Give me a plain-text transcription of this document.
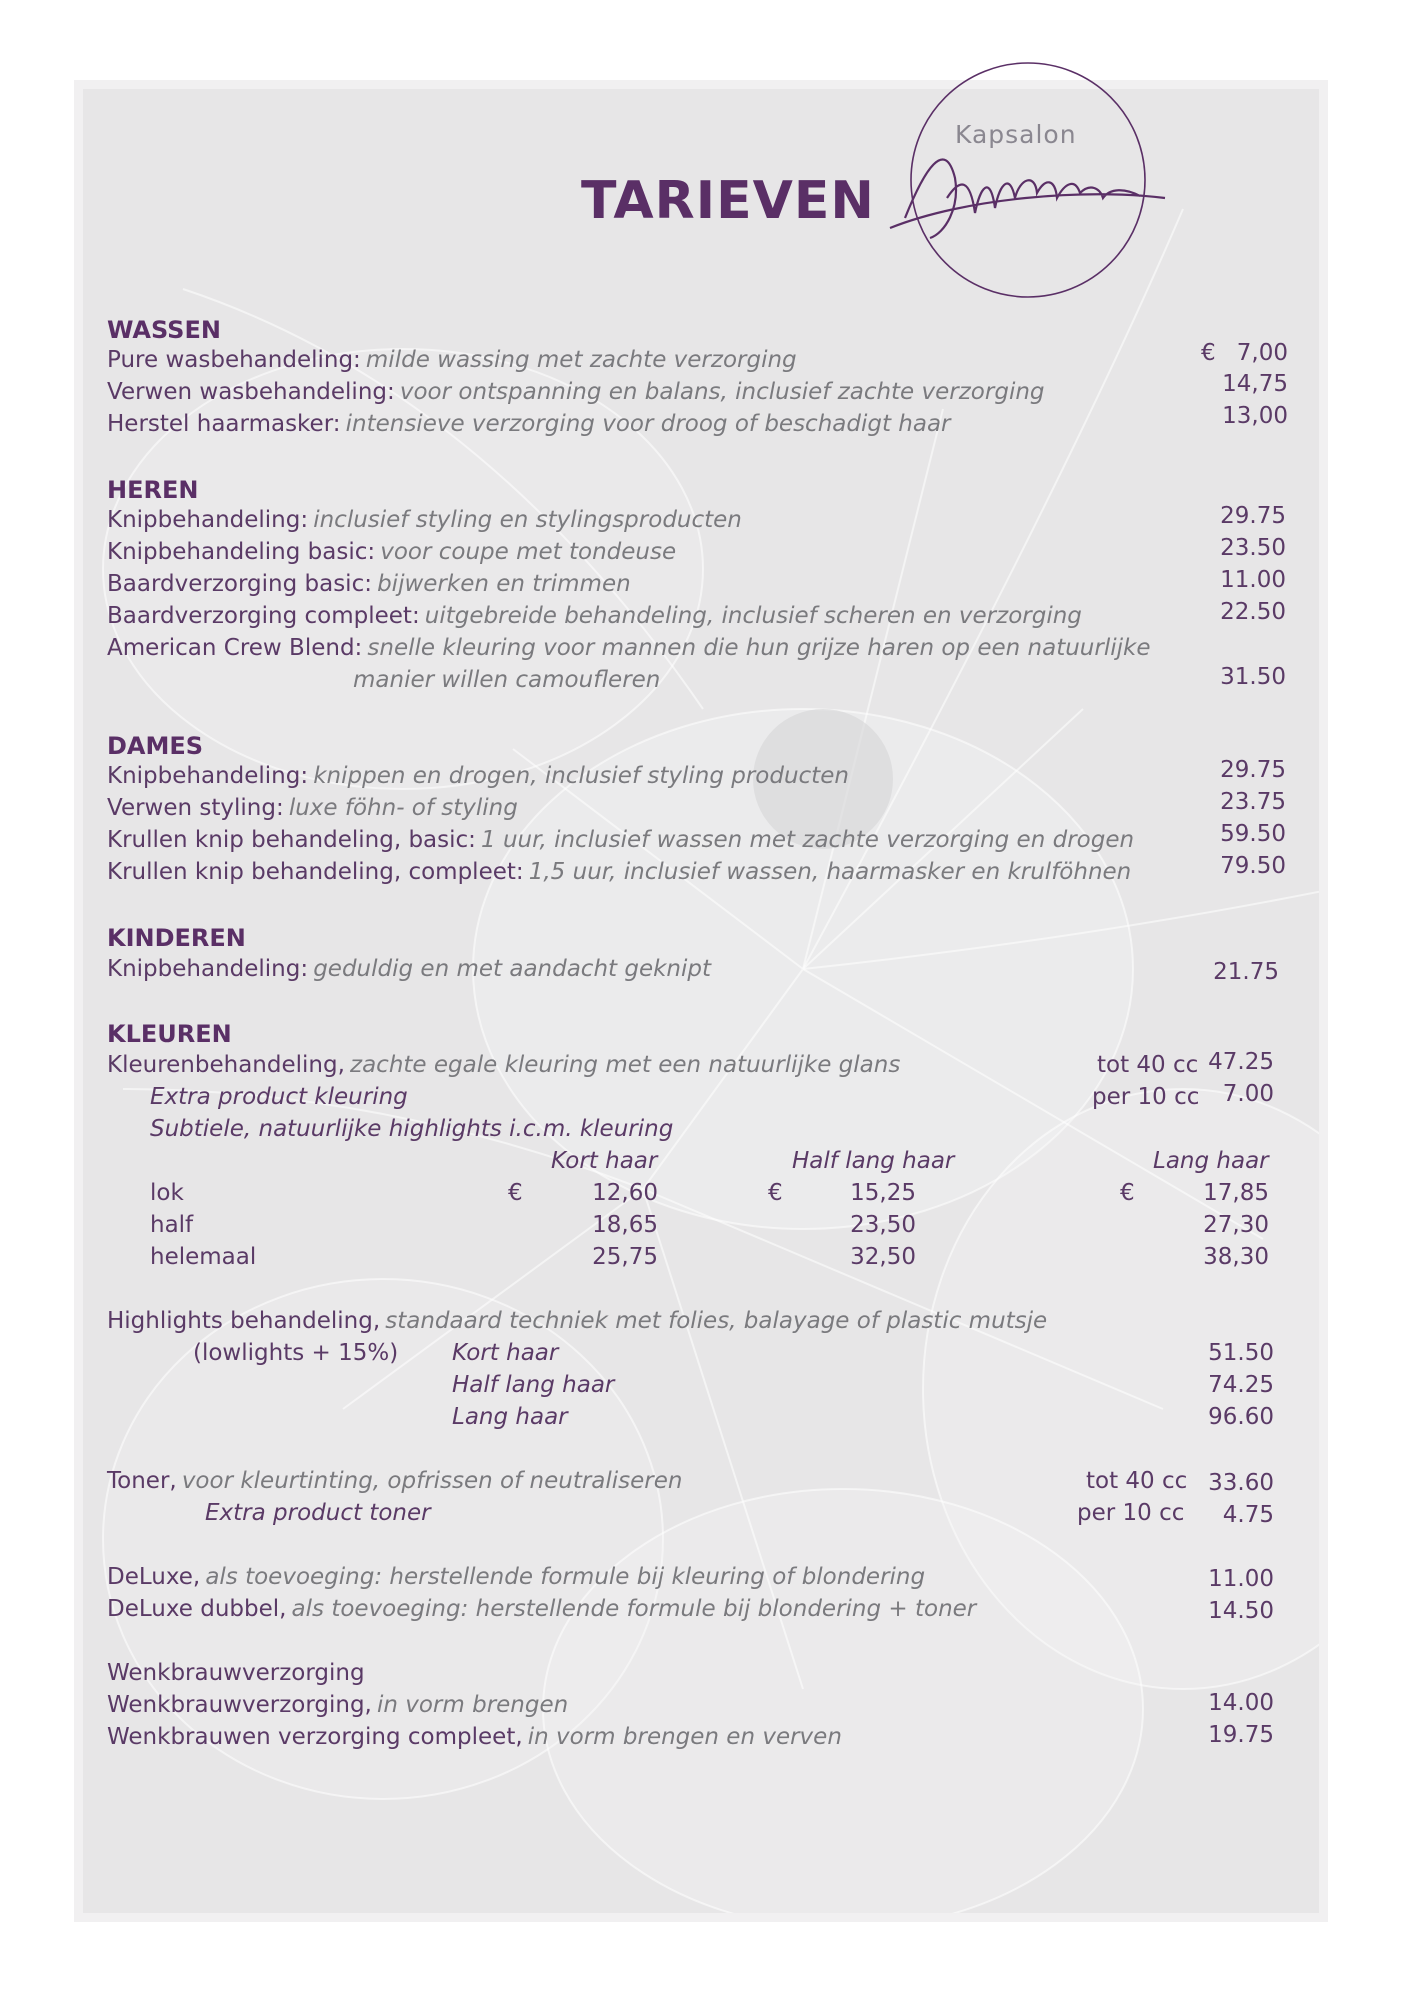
TARIEVEN
Kapsalon
WASSEN
Pure wasbehandeling: milde wassing met zachte verzorging	€ 7,00
Verwen wasbehandeling: voor ontspanning en balans, inclusief zachte verzorging	14,75
Herstel haarmasker: intensieve verzorging voor droog of beschadigt haar	13,00
HEREN
Knipbehandeling: inclusief styling en stylingsproducten	29.75
Knipbehandeling basic: voor coupe met tondeuse	23.50
Baardverzorging basic: bijwerken en trimmen	11.00
Baardverzorging compleet: uitgebreide behandeling, inclusief scheren en verzorging	22.50
American Crew Blend: snelle kleuring voor mannen die hun grijze haren op een natuurlijke
manier willen camoufleren	31.50
DAMES
Knipbehandeling: knippen en drogen, inclusief styling producten	29.75
Verwen styling: luxe föhn- of styling	23.75
Krullen knip behandeling, basic: 1 uur, inclusief wassen met zachte verzorging en drogen	59.50
Krullen knip behandeling, compleet: 1,5 uur, inclusief wassen, haarmasker en krulföhnen	79.50
KINDEREN
Knipbehandeling: geduldig en met aandacht geknipt	21.75
KLEUREN
Kleurenbehandeling, zachte egale kleuring met een natuurlijke glans	tot 40 cc 47.25
Extra product kleuring	per 10 cc 7.00
Subtiele, natuurlijke highlights i.c.m. kleuring
Kort haar	Half lang haar	Lang haar
lok	€	12,60	€	15,25	€	17,85
half	18,65	23,50	27,30
helemaal	25,75	32,50	38,30
Highlights behandeling, standaard techniek met folies, balayage of plastic mutsje
(lowlights + 15%) Kort haar	51.50
Half lang haar	74.25
Lang haar	96.60
Toner, voor kleurtinting, opfrissen of neutraliseren	tot 40 cc 33.60
Extra product toner	per 10 cc 4.75
DeLuxe, als toevoeging: herstellende formule bij kleuring of blondering	11.00
DeLuxe dubbel, als toevoeging: herstellende formule bij blondering + toner	14.50
Wenkbrauwverzorging
Wenkbrauwverzorging, in vorm brengen	14.00
Wenkbrauwen verzorging compleet, in vorm brengen en verven	19.75
